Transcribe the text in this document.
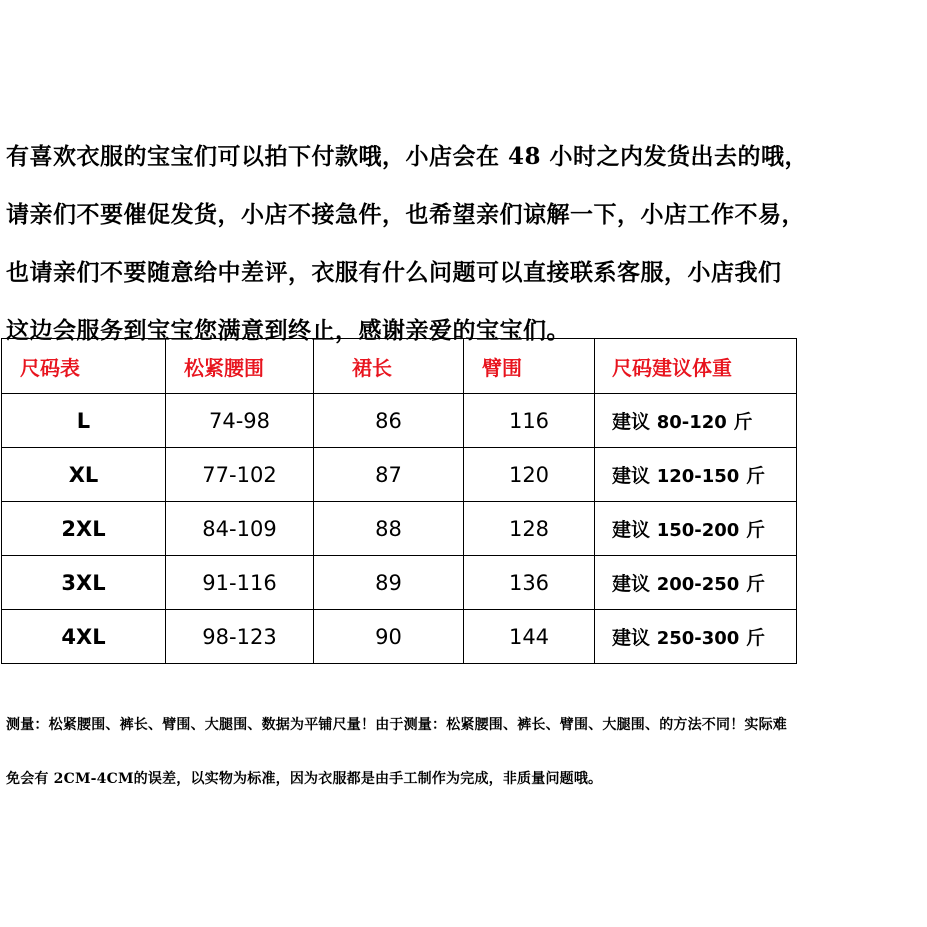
有喜欢衣服的宝宝们可以拍下付款哦，小店会在 48 小时之内发货出去的哦，
请亲们不要催促发货，小店不接急件，也希望亲们谅解一下，小店工作不易，
也请亲们不要随意给中差评，衣服有什么问题可以直接联系客服，小店我们
这边会服务到宝宝您满意到终止，感谢亲爱的宝宝们。
尺码表	松紧腰围	裙长	臂围	尺码建议体重
L	74-98	86	116	建议 80-120 斤
XL	77-102	87	120	建议 120-150 斤
2XL	84-109	88	128	建议 150-200 斤
3XL	91-116	89	136	建议 200-250 斤
4XL	98-123	90	144	建议 250-300 斤
测量：松紧腰围、裤长、臂围、大腿围、数据为平铺尺量！由于测量：松紧腰围、裤长、臂围、大腿围、的方法不同！实际难
免会有 2CM-4CM的误差，以实物为标准，因为衣服都是由手工制作为完成，非质量问题哦。
